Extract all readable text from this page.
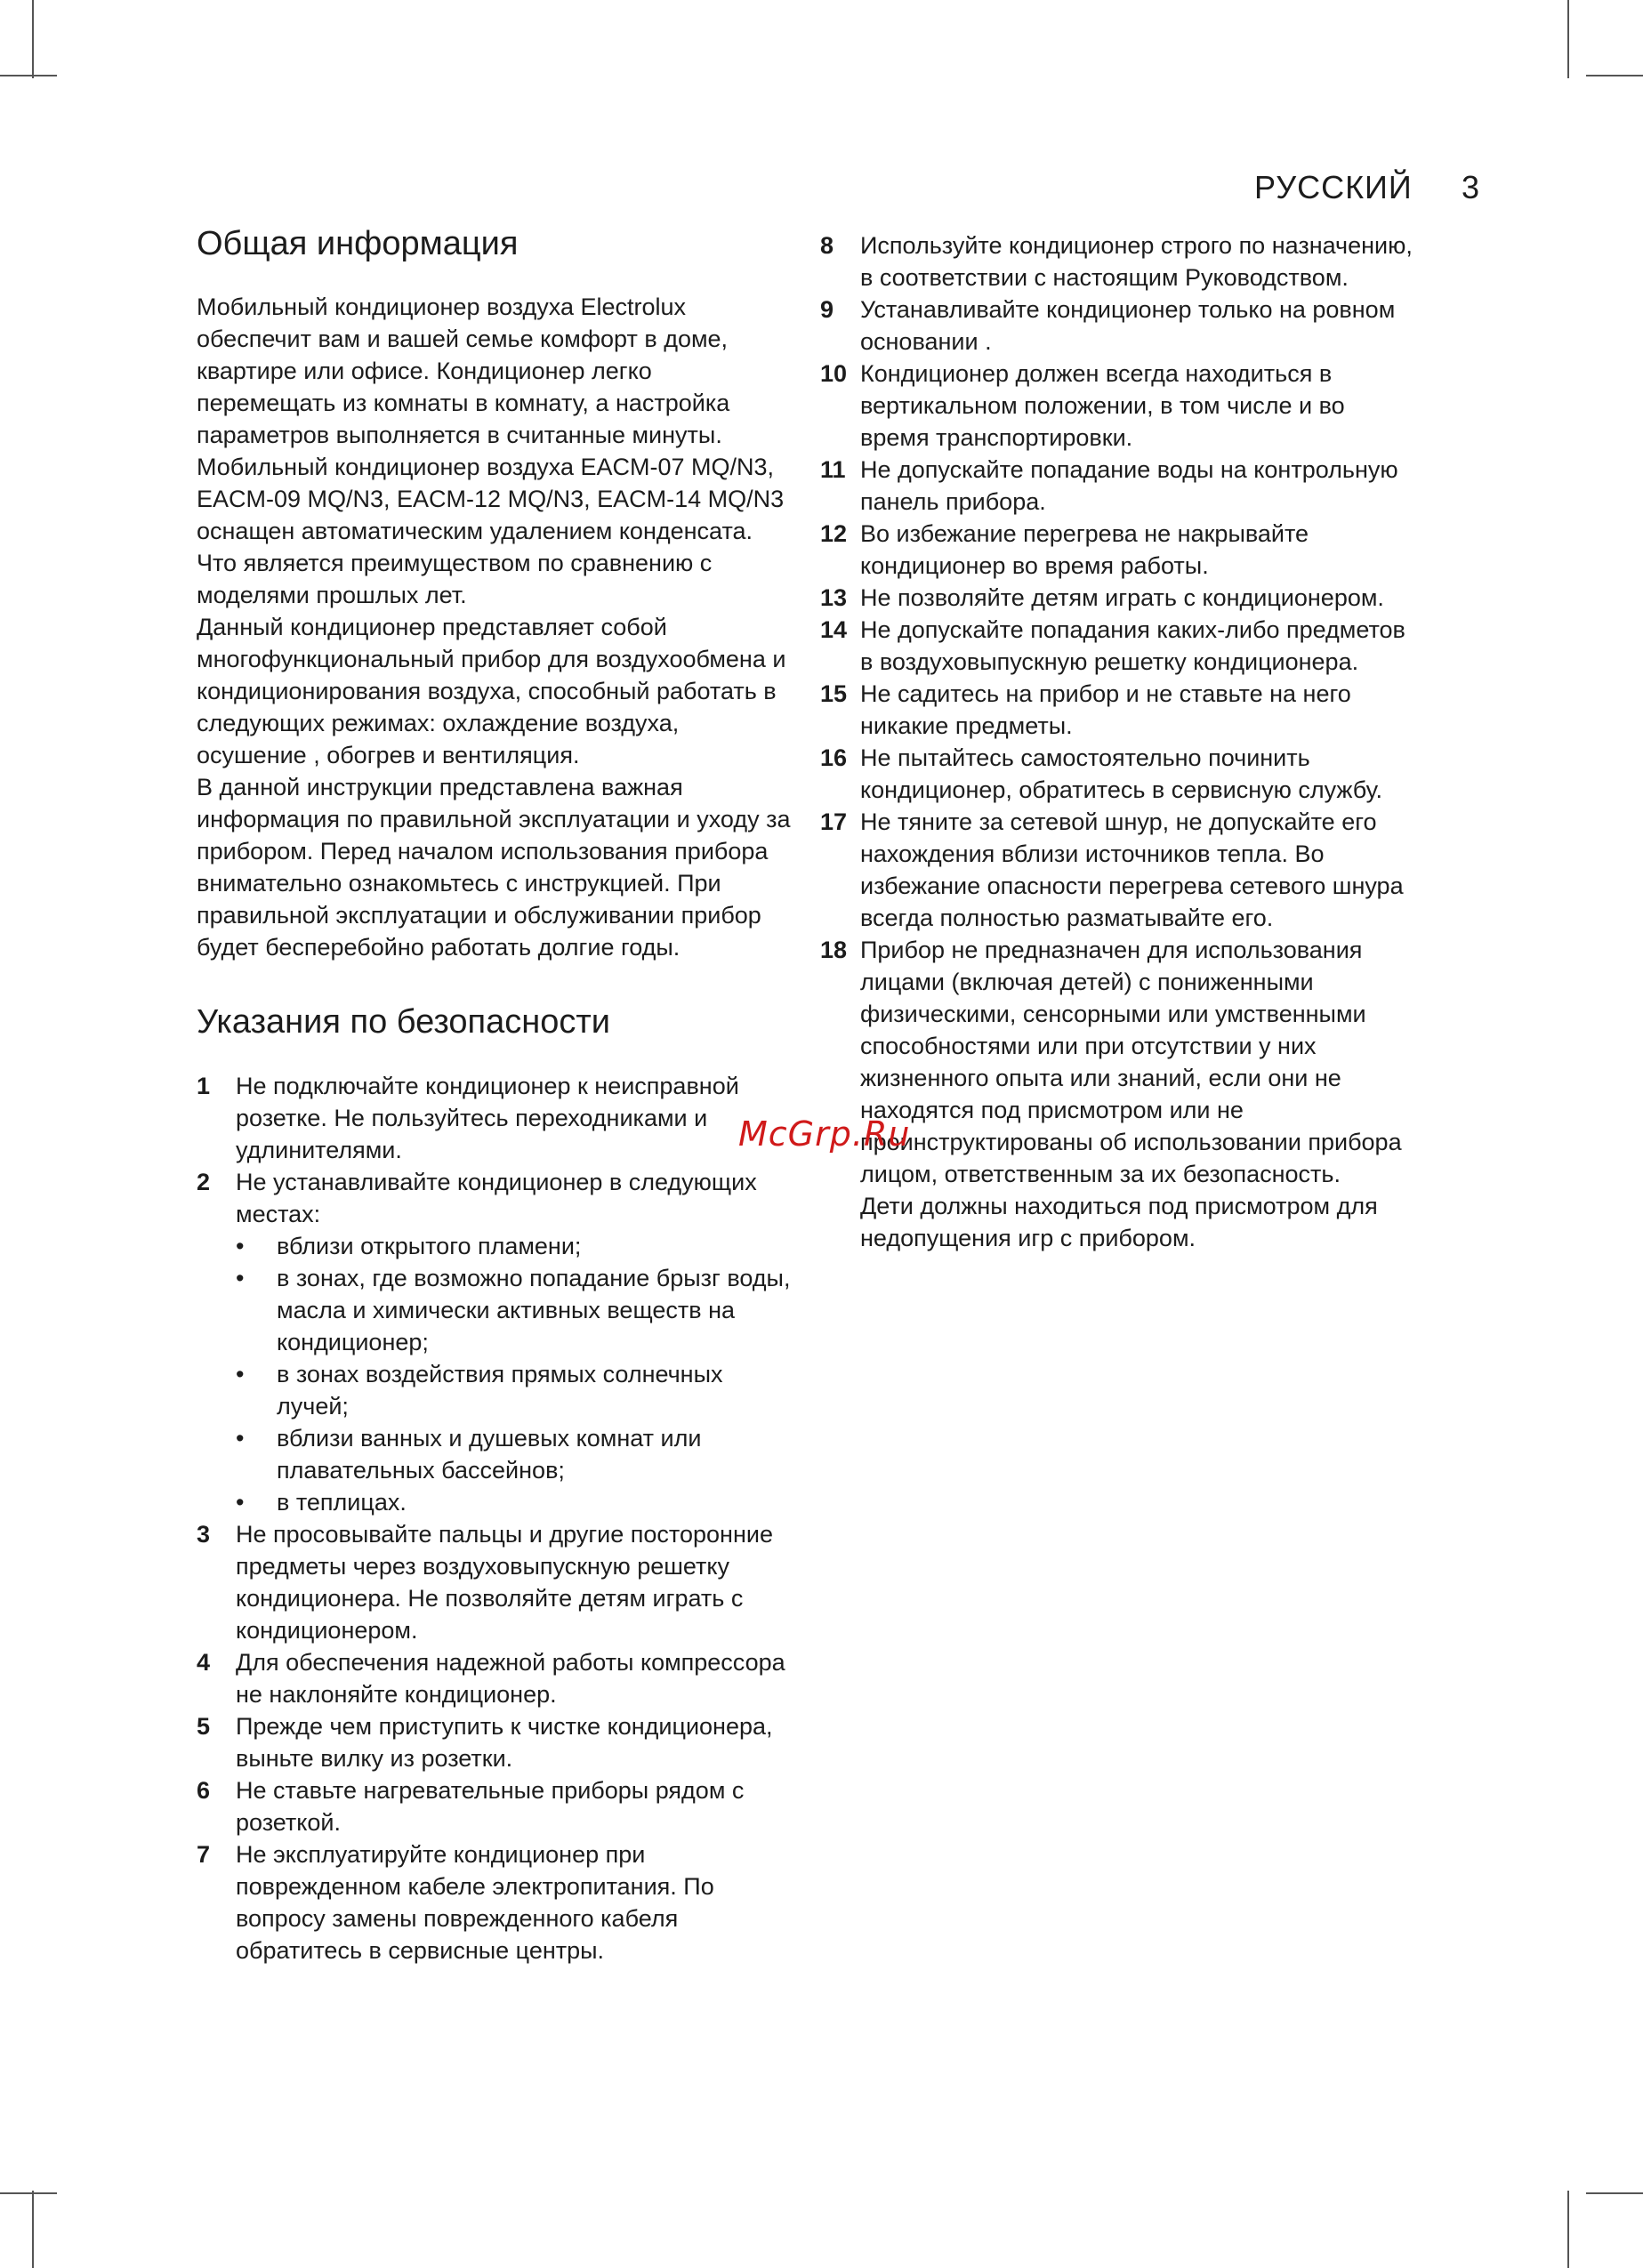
РУССКИЙ 3
Общая информация

Мобильный кондиционер воздуха Electrolux обеспечит вам и вашей семье комфорт в доме, квартире или офисе. Кондиционер легко перемещать из комнаты в комнату, а настройка параметров выполняется в считанные минуты.

Мобильный кондиционер воздуха EACM-07 MQ/N3, EACM-09 MQ/N3, EACM-12 MQ/N3, EACM-14 MQ/N3 оснащен автоматическим удалением конденсата. Что является преимуществом по сравнению с моделями прошлых лет.

Данный кондиционер представляет собой многофункциональный прибор для воздухообмена и кондиционирования воздуха, способный работать в следующих режимах: охлаждение воздуха, осушение , обогрев и вентиляция.

В данной инструкции представлена важная информация по правильной эксплуатации и уходу за прибором. Перед началом использования прибора внимательно ознакомьтесь с инструкцией. При правильной эксплуатации и обслуживании прибор будет бесперебойно работать долгие годы.

Указания по безопасности
1 Не подключайте кондиционер к неисправной розетке. Не пользуйтесь переходниками и удлинителями.
2 Не устанавливайте кондиционер в следующих местах:
• вблизи открытого пламени;
• в зонах, где возможно попадание брызг воды, масла и химически активных веществ на кондиционер;
• в зонах воздействия прямых солнечных лучей;
• вблизи ванных и душевых комнат или плавательных бассейнов;
• в теплицах.
3 Не просовывайте пальцы и другие посторонние предметы через воздуховыпускную решетку кондиционера. Не позволяйте детям играть с кондиционером.
4 Для обеспечения надежной работы компрессора не наклоняйте кондиционер.
5 Прежде чем приступить к чистке кондиционера, выньте вилку из розетки.
6 Не ставьте нагревательные приборы рядом с розеткой.
7 Не эксплуатируйте кондиционер при поврежденном кабеле электропитания. По вопросу замены поврежденного кабеля обратитесь в сервисные центры.
8 Используйте кондиционер строго по назначению, в соответствии с настоящим Руководством.
9 Устанавливайте кондиционер только на ровном основании .
10 Кондиционер должен всегда находиться в вертикальном положении, в том числе и во время транспортировки.
11 Не допускайте попадание воды на контрольную панель прибора.
12 Во избежание перегрева не накрывайте кондиционер во время работы.
13 Не позволяйте детям играть с кондиционером.
14 Не допускайте попадания каких-либо предметов в воздуховыпускную решетку кондиционера.
15 Не садитесь на прибор и не ставьте на него никакие предметы.
16 Не пытайтесь самостоятельно починить кондиционер, обратитесь в сервисную службу.
17 Не тяните за сетевой шнур, не допускайте его нахождения вблизи источников тепла. Во избежание опасности перегрева сетевого шнура всегда полностью разматывайте его.
18 Прибор не предназначен для использования лицами (включая детей) с пониженными физическими, сенсорными или умственными способностями или при отсутствии у них жизненного опыта или знаний, если они не находятся под присмотром или не проинструктированы об использовании прибора лицом, ответственным за их безопасность.
Дети должны находиться под присмотром для недопущения игр с прибором.
McGrp.Ru
